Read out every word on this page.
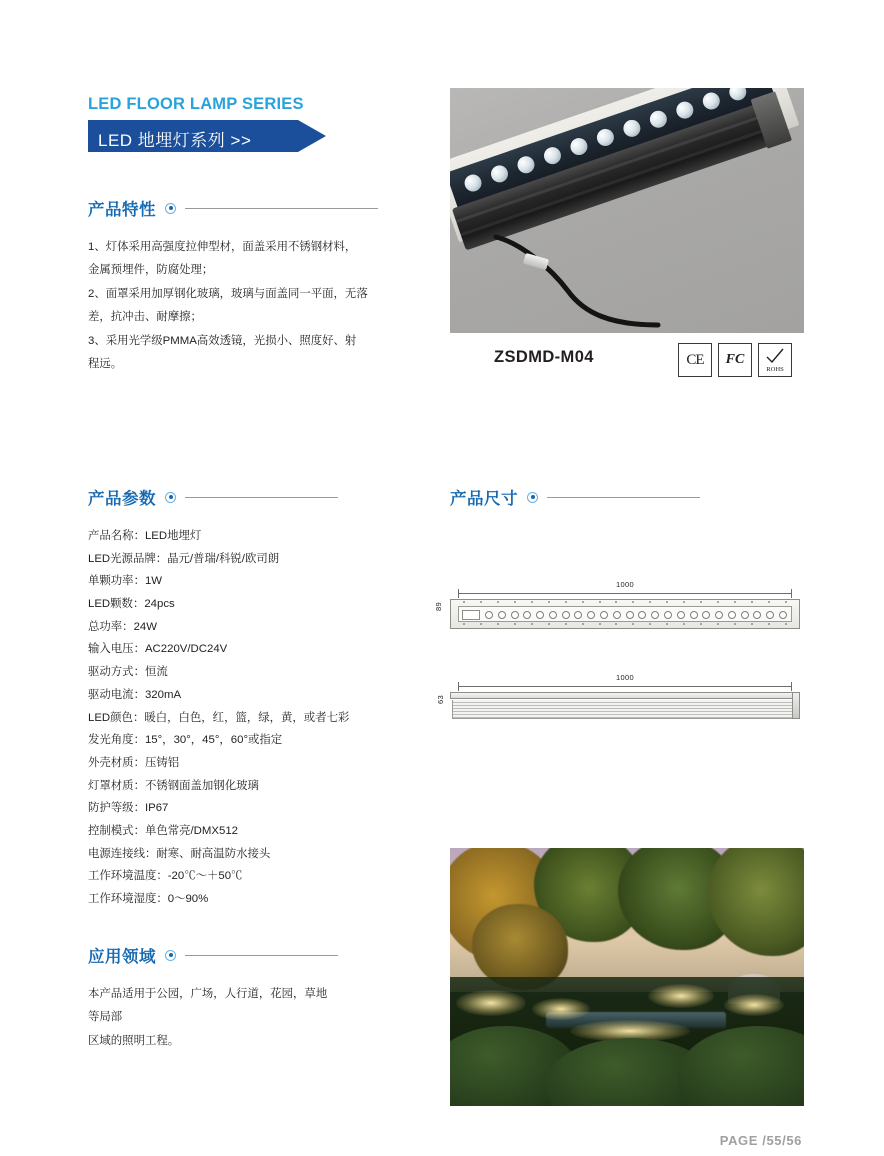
LED FLOOR LAMP SERIES
LED 地埋灯系列 >>
产品特性

1、灯体采用高强度拉伸型材，面盖采用不锈钢材料，

金属预埋件，防腐处理；

2、面罩采用加厚钢化玻璃，玻璃与面盖同一平面，无落

差，抗冲击、耐摩擦；

3、采用光学级PMMA高效透镜，光损小、照度好、射

程远。

产品参数
产品名称：LED地埋灯
LED光源品牌：晶元/普瑞/科锐/欧司朗
单颗功率：1W
LED颗数：24pcs
总功率：24W
输入电压：AC220V/DC24V
驱动方式：恒流
驱动电流：320mA
LED颜色：暖白，白色，红，篮，绿，黄，或者七彩
发光角度：15°，30°，45°，60°或指定
外壳材质：压铸铝
灯罩材质：不锈钢面盖加钢化玻璃
防护等级：IP67
控制模式：单色常亮/DMX512
电源连接线：耐寒、耐高温防水接头
工作环境温度：-20℃～＋50℃
工作环境湿度：0～90%
应用领域

本产品适用于公园，广场，人行道，花园，草地等局部

区域的照明工程。

ZSDMD-M04	CE FC
ROHS
产品尺寸
1000
89
1000
63
PAGE /55/56
